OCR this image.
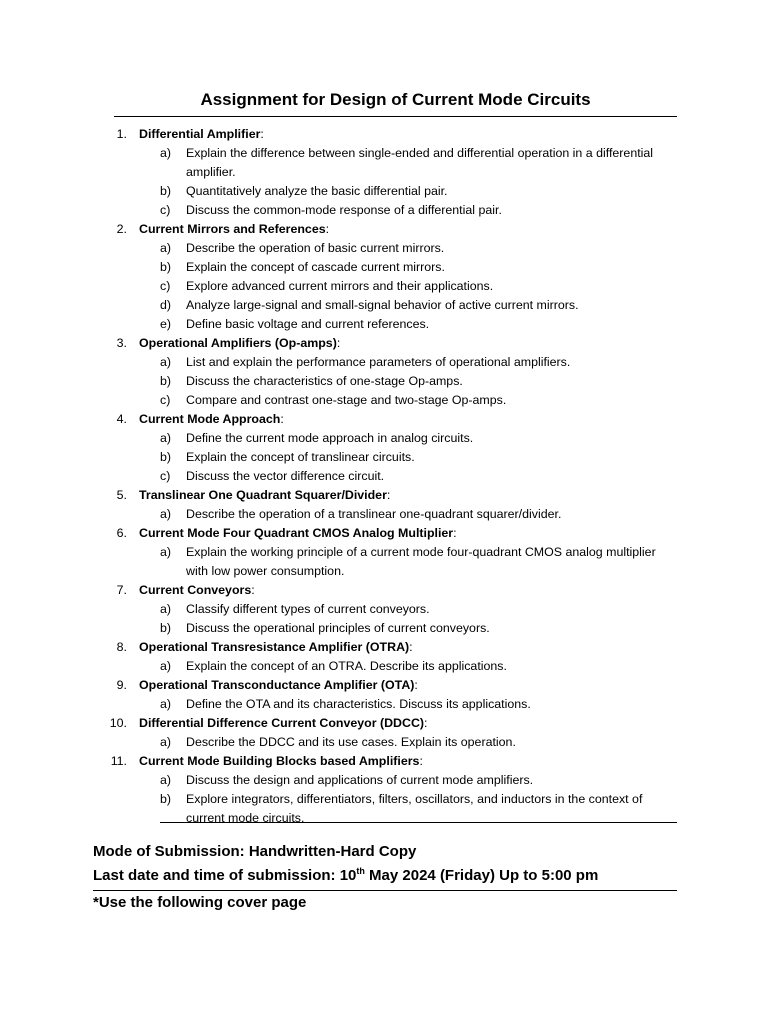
Assignment for Design of Current Mode Circuits
1. Differential Amplifier:
a) Explain the difference between single-ended and differential operation in a differential amplifier.
b) Quantitatively analyze the basic differential pair.
c) Discuss the common-mode response of a differential pair.
2. Current Mirrors and References:
a) Describe the operation of basic current mirrors.
b) Explain the concept of cascade current mirrors.
c) Explore advanced current mirrors and their applications.
d) Analyze large-signal and small-signal behavior of active current mirrors.
e) Define basic voltage and current references.
3. Operational Amplifiers (Op-amps):
a) List and explain the performance parameters of operational amplifiers.
b) Discuss the characteristics of one-stage Op-amps.
c) Compare and contrast one-stage and two-stage Op-amps.
4. Current Mode Approach:
a) Define the current mode approach in analog circuits.
b) Explain the concept of translinear circuits.
c) Discuss the vector difference circuit.
5. Translinear One Quadrant Squarer/Divider:
a) Describe the operation of a translinear one-quadrant squarer/divider.
6. Current Mode Four Quadrant CMOS Analog Multiplier:
a) Explain the working principle of a current mode four-quadrant CMOS analog multiplier with low power consumption.
7. Current Conveyors:
a) Classify different types of current conveyors.
b) Discuss the operational principles of current conveyors.
8. Operational Transresistance Amplifier (OTRA):
a) Explain the concept of an OTRA. Describe its applications.
9. Operational Transconductance Amplifier (OTA):
a) Define the OTA and its characteristics. Discuss its applications.
10. Differential Difference Current Conveyor (DDCC):
a) Describe the DDCC and its use cases. Explain its operation.
11. Current Mode Building Blocks based Amplifiers:
a) Discuss the design and applications of current mode amplifiers.
b) Explore integrators, differentiators, filters, oscillators, and inductors in the context of current mode circuits.
Mode of Submission: Handwritten-Hard Copy
Last date and time of submission: 10th May 2024 (Friday) Up to 5:00 pm
*Use the following cover page
